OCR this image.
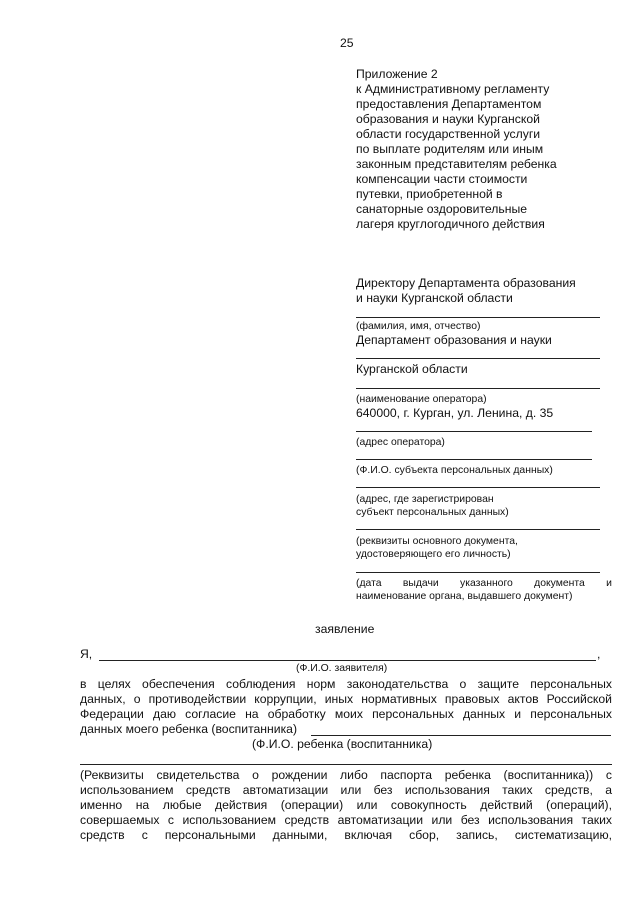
25
Приложение 2
к Административному регламенту
предоставления Департаментом
образования и науки Курганской
области государственной услуги
по выплате родителям или иным
законным представителям ребенка
компенсации части стоимости
путевки, приобретенной в
санаторные оздоровительные
лагеря круглогодичного действия
Директору Департамента образования
и науки Курганской области
(фамилия, имя, отчество)
Департамент образования и науки
Курганской области
(наименование оператора)
640000, г. Курган, ул. Ленина, д. 35
(адрес оператора)
(Ф.И.О. субъекта персональных данных)
(адрес, где зарегистрирован
субъект персональных данных)
(реквизиты основного документа,
удостоверяющего его личность)
(дата выдачи указанного документа и
наименование органа, выдавшего документ)
заявление
Я,	,
(Ф.И.О. заявителя)
в целях обеспечения соблюдения норм законодательства о защите персональных
данных, о противодействии коррупции, иных нормативных правовых актов Российской
Федерации даю согласие на обработку моих персональных данных и персональных
данных моего ребенка (воспитанника)
(Ф.И.О. ребенка (воспитанника)
(Реквизиты свидетельства о рождении либо паспорта ребенка (воспитанника)) с
использованием средств автоматизации или без использования таких средств, а
именно на любые действия (операции) или совокупность действий (операций),
совершаемых с использованием средств автоматизации или без использования таких
средств с персональными данными, включая сбор, запись, систематизацию,
